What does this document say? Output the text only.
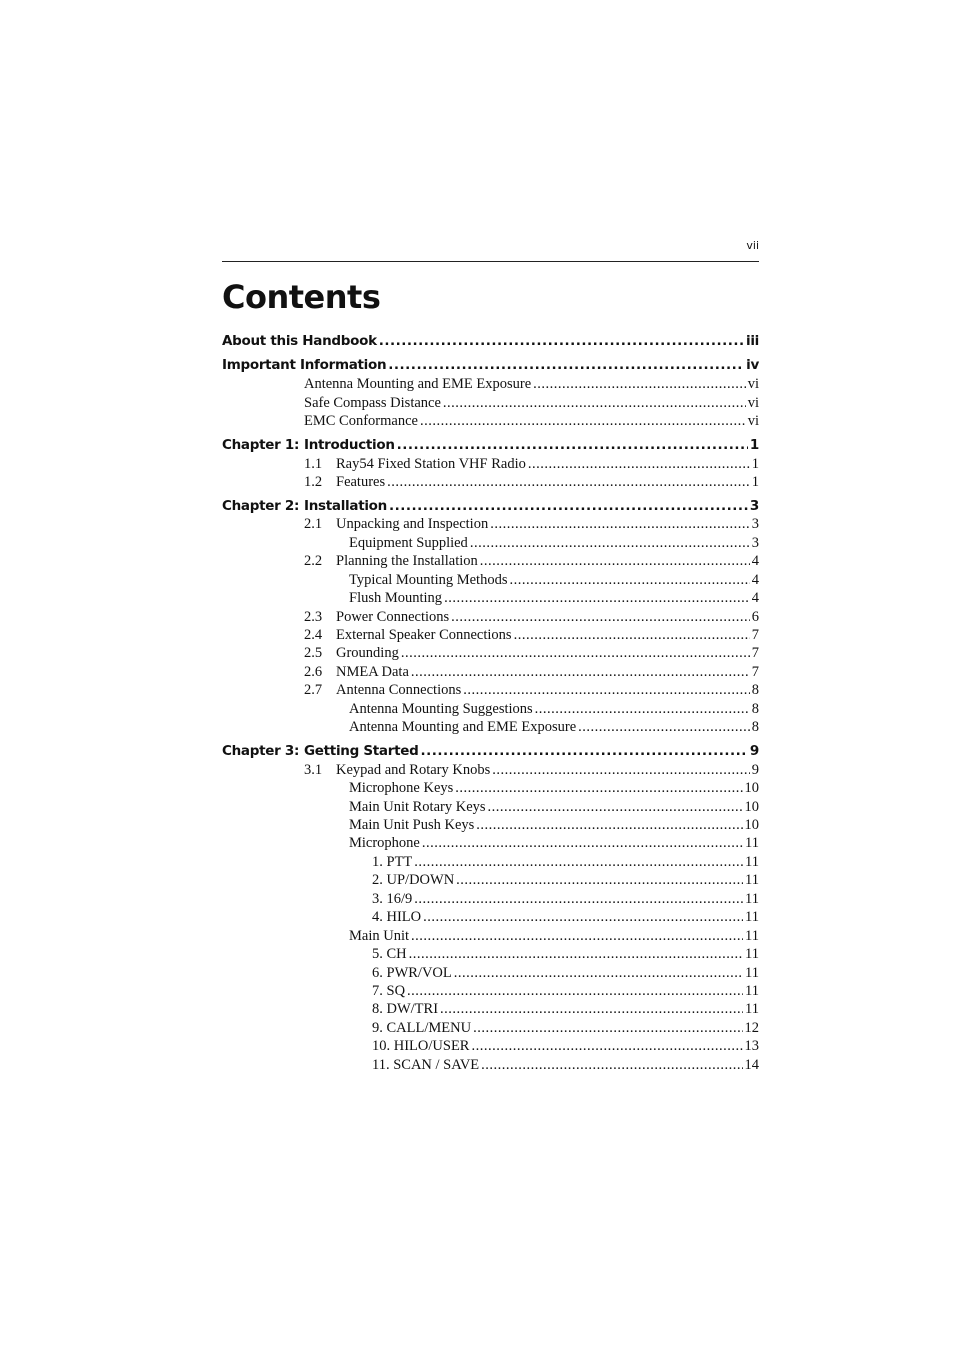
vii
Contents
About this Handbook .....	iii
Important Information .....	iv
Antenna Mounting and EME Exposure .....	vi
Safe Compass Distance .....	vi
EMC Conformance .....	vi
Chapter 1: Introduction .....	1
1.1 Ray54 Fixed Station VHF Radio .....	1
1.2 Features .....	1
Chapter 2: Installation .....	3
2.1 Unpacking and Inspection .....	3
Equipment Supplied .....	3
2.2 Planning the Installation .....	4
Typical Mounting Methods .....	4
Flush Mounting .....	4
2.3 Power Connections .....	6
2.4 External Speaker Connections .....	7
2.5 Grounding .....	7
2.6 NMEA Data .....	7
2.7 Antenna Connections .....	8
Antenna Mounting Suggestions .....	8
Antenna Mounting and EME Exposure .....	8
Chapter 3: Getting Started .....	9
3.1 Keypad and Rotary Knobs .....	9
Microphone Keys .....	10
Main Unit Rotary Keys .....	10
Main Unit Push Keys .....	10
Microphone .....	11
1. PTT .....	11
2. UP/DOWN .....	11
3. 16/9 .....	11
4. HILO .....	11
Main Unit .....	11
5. CH .....	11
6. PWR/VOL .....	11
7. SQ .....	11
8. DW/TRI .....	11
9. CALL/MENU .....	12
10. HILO/USER .....	13
11. SCAN / SAVE .....	14
